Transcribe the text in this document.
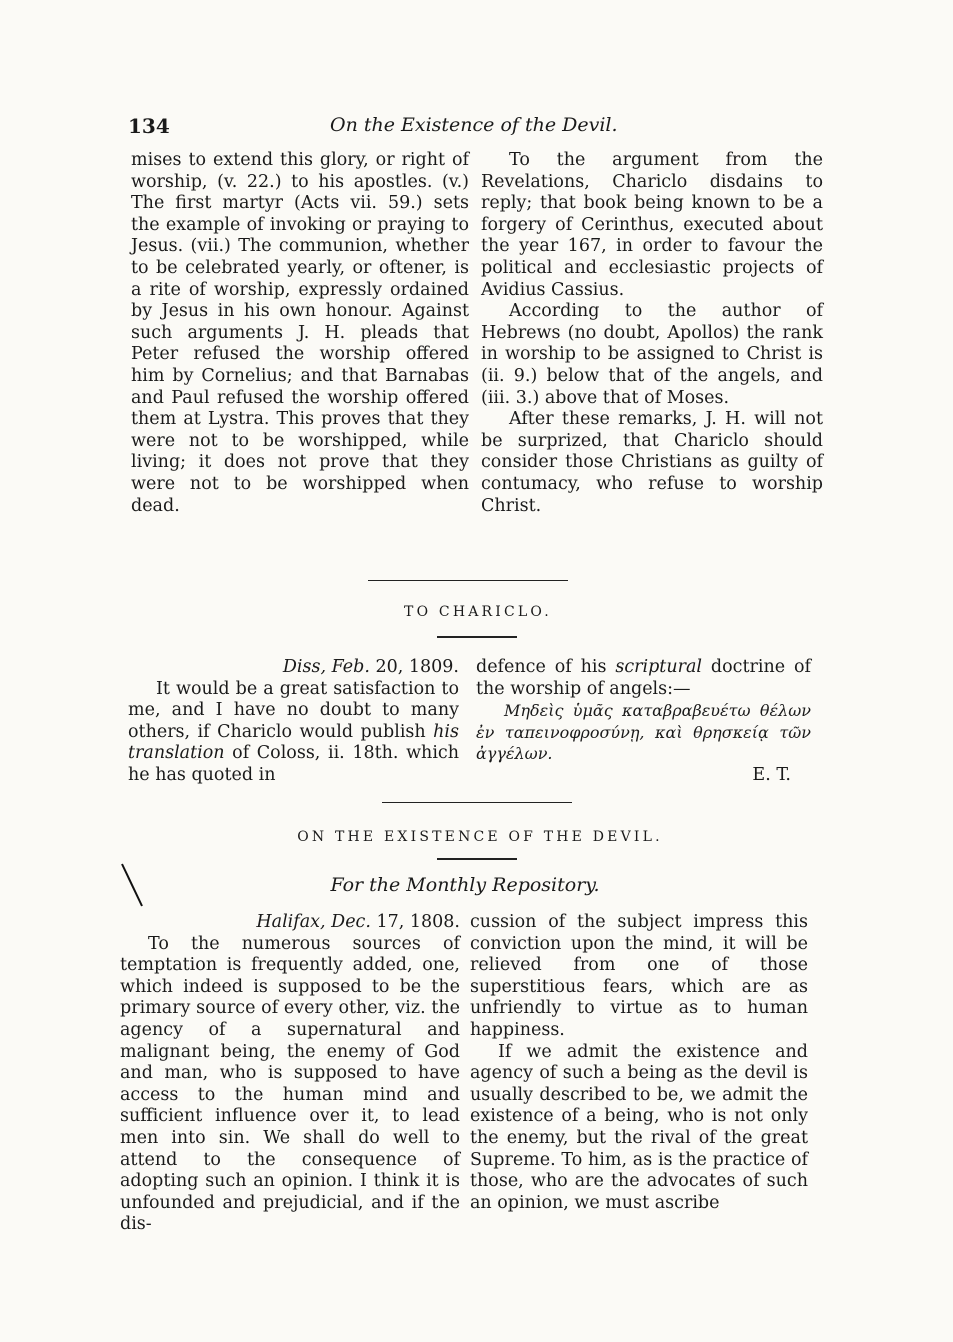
134	On the Existence of the Devil.

mises to extend this glory, or right of worship, (v. 22.) to his apostles. (v.) The first martyr (Acts vii. 59.) sets the example of invoking or praying to Jesus. (vii.) The communion, whether to be celebrated yearly, or oftener, is a rite of worship, expressly ordained by Jesus in his own honour. Against such arguments J. H. pleads that Peter refused the worship offered him by Cornelius; and that Barnabas and Paul refused the worship offered them at Lystra. This proves that they were not to be worshipped, while living; it does not prove that they were not to be worshipped when dead.

To the argument from the Revelations, Chariclo disdains to reply; that book being known to be a forgery of Cerinthus, executed about the year 167, in order to favour the political and ecclesiastic projects of Avidius Cassius.

According to the author of Hebrews (no doubt, Apollos) the rank in worship to be assigned to Christ is (ii. 9.) below that of the angels, and (iii. 3.) above that of Moses.

After these remarks, J. H. will not be surprized, that Chariclo should consider those Christians as guilty of contumacy, who refuse to worship Christ.

TO CHARICLO.

Diss, Feb. 20, 1809.

It would be a great satisfaction to me, and I have no doubt to many others, if Chariclo would publish his translation of Coloss, ii. 18th. which he has quoted in

defence of his scriptural doctrine of the worship of angels:—

Μηδεὶς ὑμᾶς καταβραβευέτω θέλων ἐν ταπεινοφροσύνῃ, καὶ θρησκείᾳ τῶν ἀγγέλων.

E. T.

ON THE EXISTENCE OF THE DEVIL.
For the Monthly Repository.

Halifax, Dec. 17, 1808.

To the numerous sources of temptation is frequently added, one, which indeed is supposed to be the primary source of every other, viz. the agency of a supernatural and malignant being, the enemy of God and man, who is supposed to have access to the human mind and sufficient influence over it, to lead men into sin. We shall do well to attend to the consequence of adopting such an opinion. I think it is unfounded and prejudicial, and if the dis-

cussion of the subject impress this conviction upon the mind, it will be relieved from one of those superstitious fears, which are as unfriendly to virtue as to human happiness.

If we admit the existence and agency of such a being as the devil is usually described to be, we admit the existence of a being, who is not only the enemy, but the rival of the great Supreme. To him, as is the practice of those, who are the advocates of such an opinion, we must ascribe
